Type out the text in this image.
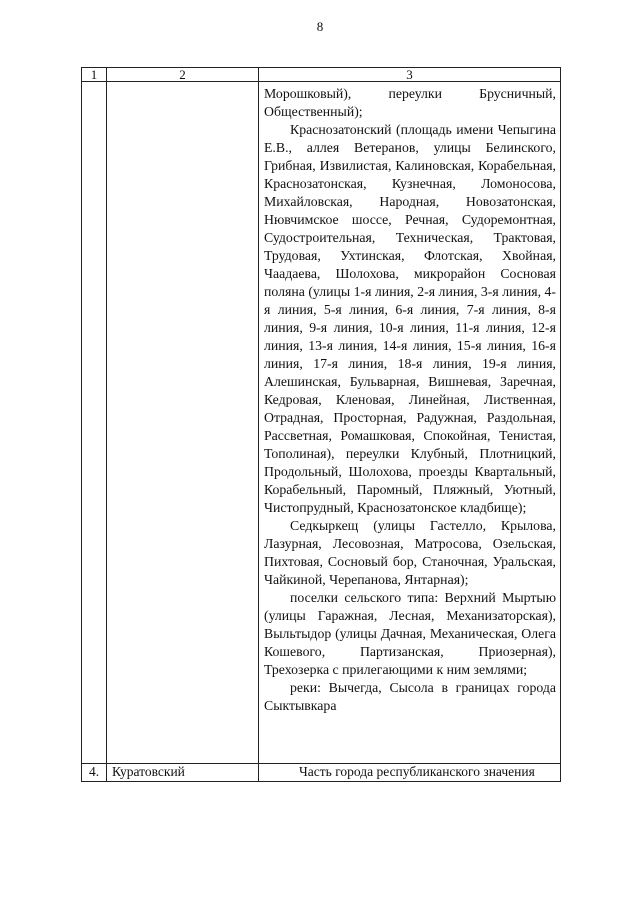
8
1	2	3

		Морошковый), переулки Брусничный, Общественный);

Краснозатонский (площадь имени Чепыгина Е.В., аллея Ветеранов, улицы Белинского, Грибная, Извилистая, Калиновская, Корабельная, Краснозатонская, Кузнечная, Ломоносова, Михайловская, Народная, Новозатонская, Нювчимское шоссе, Речная, Судоремонтная, Судостроительная, Техническая, Трактовая, Трудовая, Ухтинская, Флотская, Хвойная, Чаадаева, Шолохова, микрорайон Сосновая поляна (улицы 1-я линия, 2-я линия, 3-я линия, 4-я линия, 5-я линия, 6-я линия, 7-я линия, 8-я линия, 9-я линия, 10-я линия, 11-я линия, 12-я линия, 13-я линия, 14-я линия, 15-я линия, 16-я линия, 17-я линия, 18-я линия, 19-я линия, Алешинская, Бульварная, Вишневая, Заречная, Кедровая, Кленовая, Линейная, Лиственная, Отрадная, Просторная, Радужная, Раздольная, Рассветная, Ромашковая, Спокойная, Тенистая, Тополиная), переулки Клубный, Плотницкий, Продольный, Шолохова, проезды Квартальный, Корабельный, Паромный, Пляжный, Уютный, Чистопрудный, Краснозатонское кладбище);

Седкыркещ (улицы Гастелло, Крылова, Лазурная, Лесовозная, Матросова, Озельская, Пихтовая, Сосновый бор, Станочная, Уральская, Чайкиной, Черепанова, Янтарная);

поселки сельского типа: Верхний Мыртыю (улицы Гаражная, Лесная, Механизаторская), Выльтыдор (улицы Дачная, Механическая, Олега Кошевого, Партизанская, Приозерная), Трехозерка с прилегающими к ним землями;

реки: Вычегда, Сысола в границах города Сыктывкара

4.	Куратовский	Часть города республиканского значения
